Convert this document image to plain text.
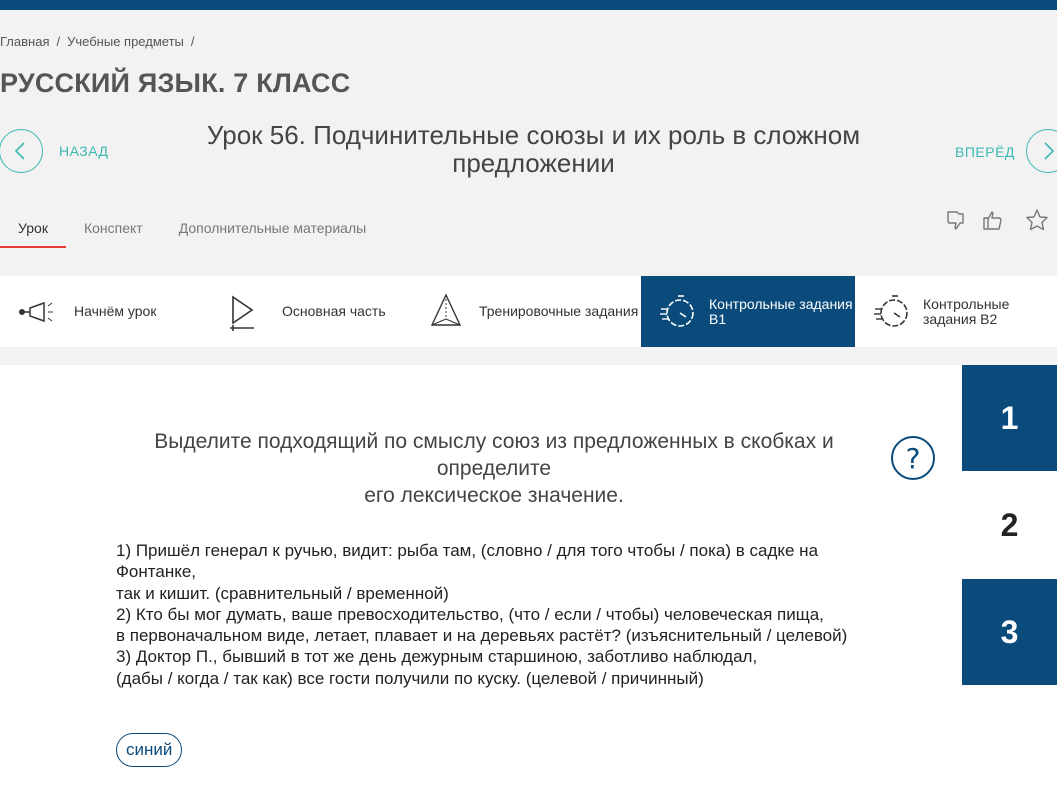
Главная / Учебные предметы /
РУССКИЙ ЯЗЫК. 7 КЛАСС
НАЗАД
Урок 56. Подчинительные союзы и их роль в сложном предложении	ВПЕРЁД
Урок	Конспект	Дополнительные материалы
Начнём урок	Основная часть	Тренировочные задания	Контрольные задания В1
Контрольные задания В2
1
2
3
Выделите подходящий по смыслу союз из предложенных в скобках и
определите
его лексическое значение.
?
1) Пришёл генерал к ручью, видит: рыба там, (словно / для того чтобы / пока) в садке на
Фонтанке,
так и кишит. (сравнительный / временной)
2) Кто бы мог думать, ваше превосходительство, (что / если / чтобы) человеческая пища,
в первоначальном виде, летает, плавает и на деревьях растёт? (изъяснительный / целевой)
3) Доктор П., бывший в тот же день дежурным старшиною, заботливо наблюдал,
(дабы / когда / так как) все гости получили по куску. (целевой / причинный)
синий
